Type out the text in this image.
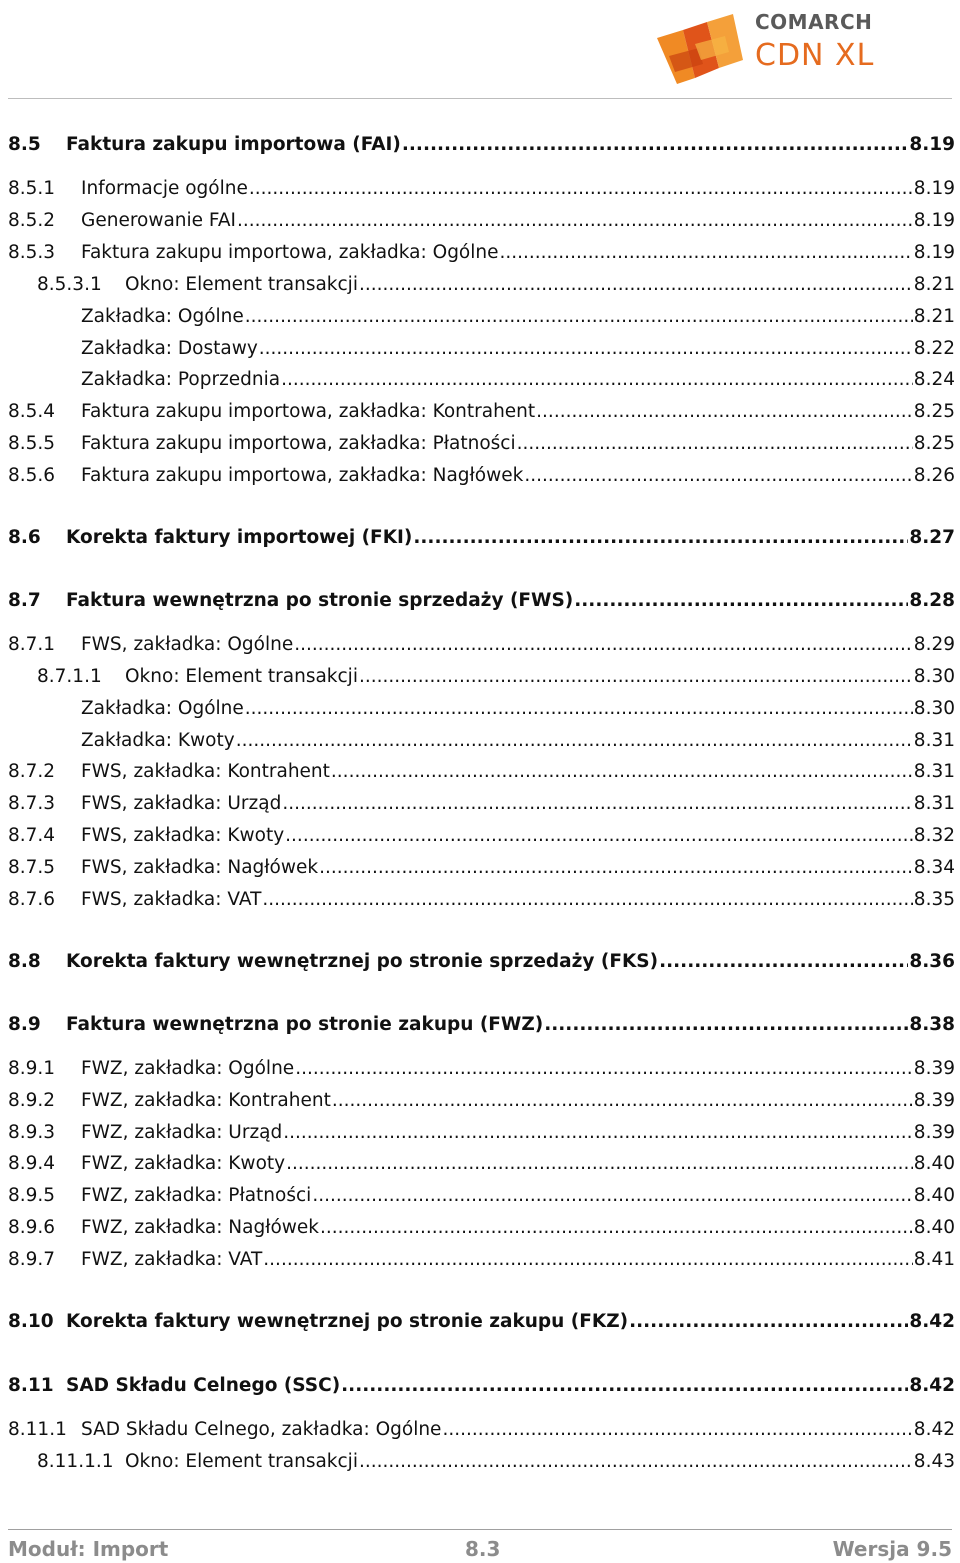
COMARCH
CDN XL
8.5	Faktura zakupu importowa (FAI) .....	8.19
8.5.1	Informacje ogólne .....	8.19
8.5.2	Generowanie FAI .....	8.19
8.5.3	Faktura zakupu importowa, zakładka: Ogólne .....	8.19
8.5.3.1	Okno: Element transakcji .....	8.21
Zakładka: Ogólne .....	8.21
Zakładka: Dostawy .....	8.22
Zakładka: Poprzednia .....	8.24
8.5.4	Faktura zakupu importowa, zakładka: Kontrahent .....	8.25
8.5.5	Faktura zakupu importowa, zakładka: Płatności .....	8.25
8.5.6	Faktura zakupu importowa, zakładka: Nagłówek .....	8.26
8.6	Korekta faktury importowej (FKI) .....	8.27
8.7	Faktura wewnętrzna po stronie sprzedaży (FWS) .....	8.28
8.7.1	FWS, zakładka: Ogólne .....	8.29
8.7.1.1	Okno: Element transakcji .....	8.30
Zakładka: Ogólne .....	8.30
Zakładka: Kwoty .....	8.31
8.7.2	FWS, zakładka: Kontrahent .....	8.31
8.7.3	FWS, zakładka: Urząd .....	8.31
8.7.4	FWS, zakładka: Kwoty .....	8.32
8.7.5	FWS, zakładka: Nagłówek .....	8.34
8.7.6	FWS, zakładka: VAT .....	8.35
8.8	Korekta faktury wewnętrznej po stronie sprzedaży (FKS) .....	8.36
8.9	Faktura wewnętrzna po stronie zakupu (FWZ) .....	8.38
8.9.1	FWZ, zakładka: Ogólne .....	8.39
8.9.2	FWZ, zakładka: Kontrahent .....	8.39
8.9.3	FWZ, zakładka: Urząd .....	8.39
8.9.4	FWZ, zakładka: Kwoty .....	8.40
8.9.5	FWZ, zakładka: Płatności .....	8.40
8.9.6	FWZ, zakładka: Nagłówek .....	8.40
8.9.7	FWZ, zakładka: VAT .....	8.41
8.10 Korekta faktury wewnętrznej po stronie zakupu (FKZ) .....	8.42
8.11 SAD Składu Celnego (SSC) .....	8.42
8.11.1 SAD Składu Celnego, zakładka: Ogólne .....	8.42
8.11.1.1 Okno: Element transakcji .....	8.43
Moduł: Import	8.3	Wersja 9.5
